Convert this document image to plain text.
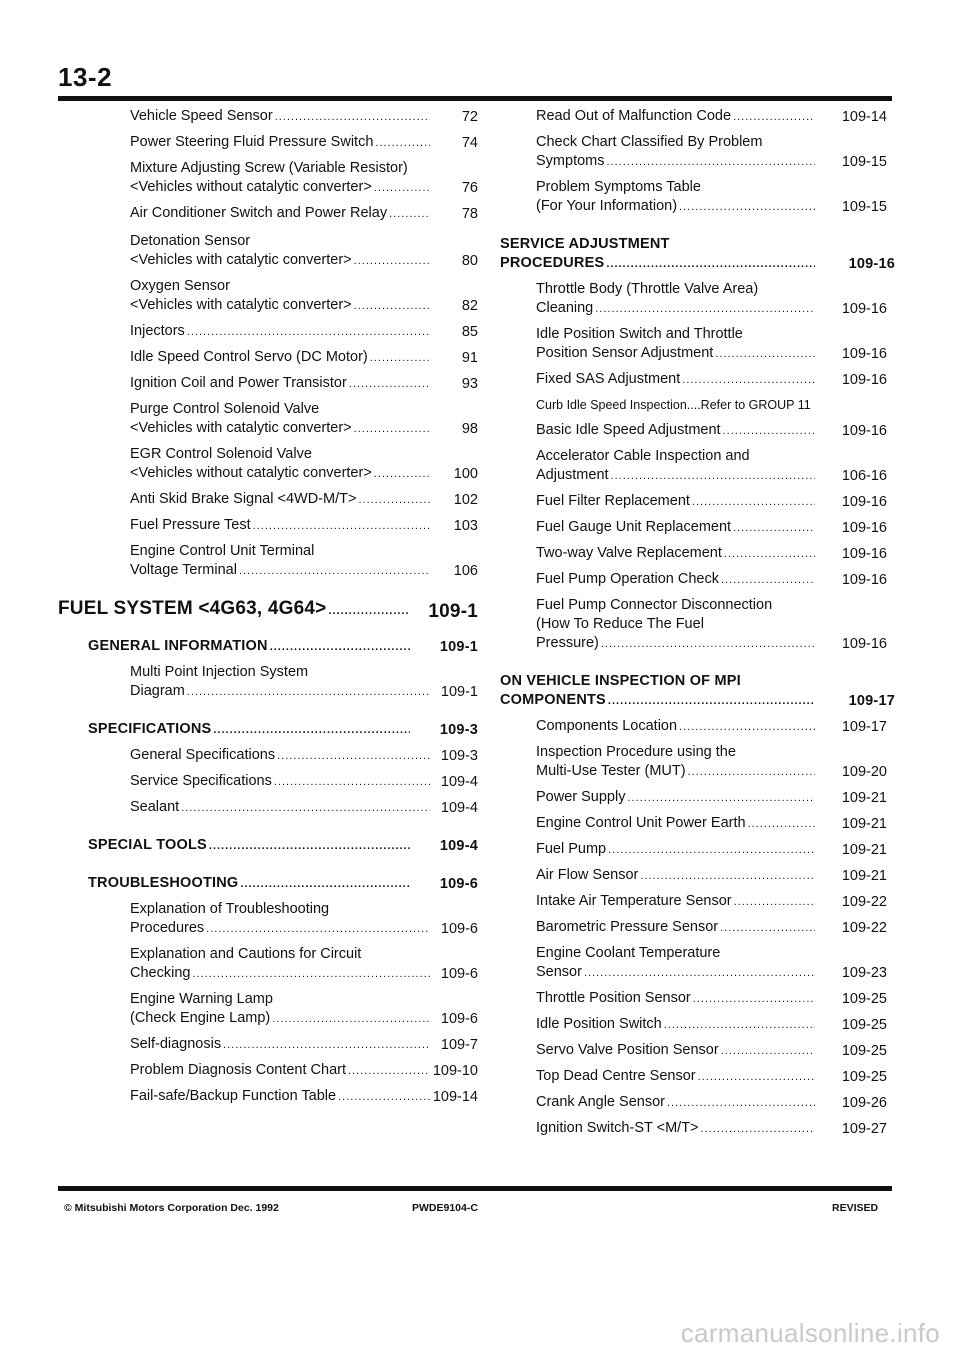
13-2
Vehicle Speed Sensor .....	72
Power Steering Fluid Pressure Switch .....	74
Mixture Adjusting Screw (Variable Resistor)
<Vehicles without catalytic converter> .....	76
Air Conditioner Switch and Power Relay .....	78
Detonation Sensor
<Vehicles with catalytic converter> .....	80
Oxygen Sensor
<Vehicles with catalytic converter> .....	82
Injectors .....	85
Idle Speed Control Servo (DC Motor) .....	91
Ignition Coil and Power Transistor .....	93
Purge Control Solenoid Valve
<Vehicles with catalytic converter> .....	98
EGR Control Solenoid Valve
<Vehicles without catalytic converter> .....	100
Anti Skid Brake Signal <4WD-M/T> .....	102
Fuel Pressure Test .....	103
Engine Control Unit Terminal
Voltage Terminal .....	106
FUEL SYSTEM <4G63, 4G64> .....	109-1
GENERAL INFORMATION .....	109-1
Multi Point Injection System
Diagram .....	109-1
SPECIFICATIONS .....	109-3
General Specifications .....	109-3
Service Specifications .....	109-4
Sealant .....	109-4
SPECIAL TOOLS .....	109-4
TROUBLESHOOTING .....	109-6
Explanation of Troubleshooting
Procedures .....	109-6
Explanation and Cautions for Circuit
Checking .....	109-6
Engine Warning Lamp
(Check Engine Lamp) .....	109-6
Self-diagnosis .....	109-7
Problem Diagnosis Content Chart .....	109-10
Fail-safe/Backup Function Table .....	109-14
Read Out of Malfunction Code .....	109-14
Check Chart Classified By Problem
Symptoms .....	109-15
Problem Symptoms Table
(For Your Information) .....	109-15
SERVICE ADJUSTMENT
PROCEDURES .....	109-16
Throttle Body (Throttle Valve Area)
Cleaning .....	109-16
Idle Position Switch and Throttle
Position Sensor Adjustment .....	109-16
Fixed SAS Adjustment .....	109-16
Curb Idle Speed Inspection....Refer to GROUP 11
Basic Idle Speed Adjustment .....	109-16
Accelerator Cable Inspection and
Adjustment .....	106-16
Fuel Filter Replacement .....	109-16
Fuel Gauge Unit Replacement .....	109-16
Two-way Valve Replacement .....	109-16
Fuel Pump Operation Check .....	109-16
Fuel Pump Connector Disconnection
(How To Reduce The Fuel
Pressure) .....	109-16
ON VEHICLE INSPECTION OF MPI
COMPONENTS .....	109-17
Components Location .....	109-17
Inspection Procedure using the
Multi-Use Tester (MUT) .....	109-20
Power Supply .....	109-21
Engine Control Unit Power Earth .....	109-21
Fuel Pump .....	109-21
Air Flow Sensor .....	109-21
Intake Air Temperature Sensor .....	109-22
Barometric Pressure Sensor .....	109-22
Engine Coolant Temperature
Sensor .....	109-23
Throttle Position Sensor .....	109-25
Idle Position Switch .....	109-25
Servo Valve Position Sensor .....	109-25
Top Dead Centre Sensor .....	109-25
Crank Angle Sensor .....	109-26
Ignition Switch-ST <M/T> .....	109-27
© Mitsubishi Motors Corporation Dec. 1992	PWDE9104-C	REVISED
carmanualsonline.info
